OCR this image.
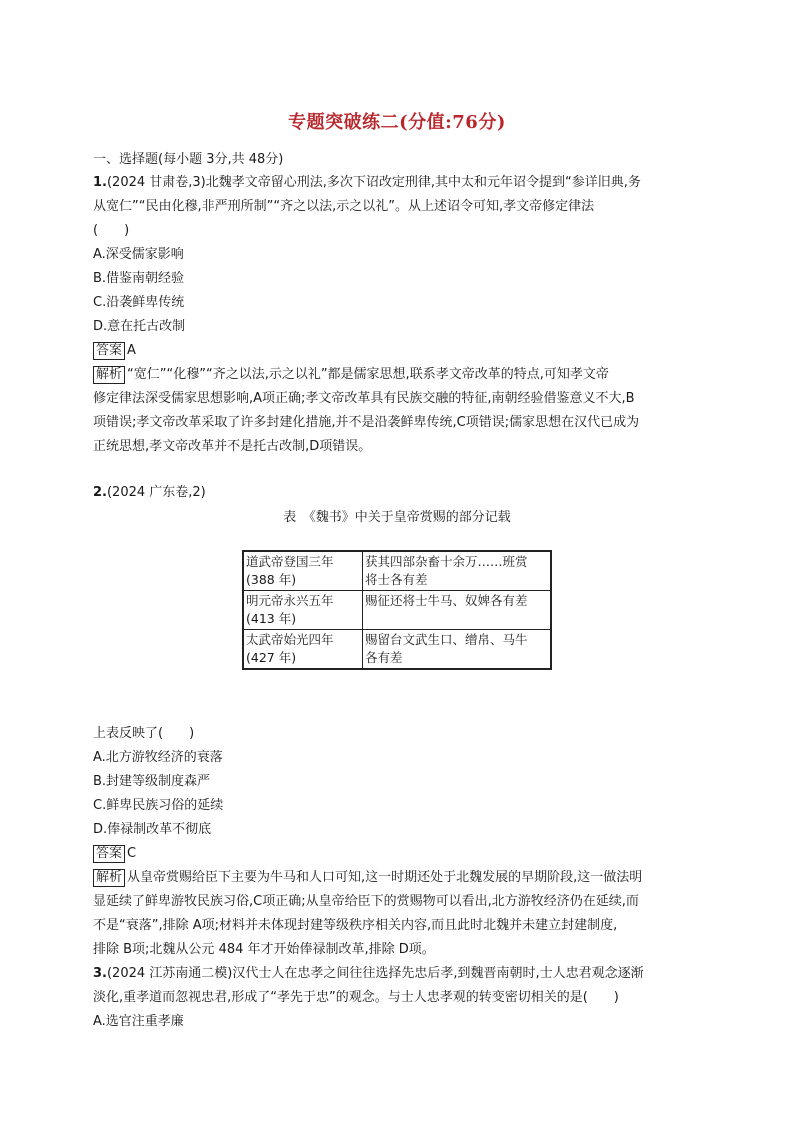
专题突破练二(分值:76分)
一、选择题(每小题 3分,共 48分)
1.(2024 甘肃卷,3)北魏孝文帝留心刑法,多次下诏改定刑律,其中太和元年诏令提到“参详旧典,务
从宽仁”“民由化穆,非严刑所制”“齐之以法,示之以礼”。从上述诏令可知,孝文帝修定律法
(　　)
A.深受儒家影响
B.借鉴南朝经验
C.沿袭鲜卑传统
D.意在托古改制
答案 A
解析 “宽仁”“化穆”“齐之以法,示之以礼”都是儒家思想,联系孝文帝改革的特点,可知孝文帝
修定律法深受儒家思想影响,A项正确;孝文帝改革具有民族交融的特征,南朝经验借鉴意义不大,B
项错误;孝文帝改革采取了许多封建化措施,并不是沿袭鲜卑传统,C项错误;儒家思想在汉代已成为
正统思想,孝文帝改革并不是托古改制,D项错误。
2.(2024 广东卷,2)
表　《魏书》中关于皇帝赏赐的部分记载
道武帝登国三年
(388 年)	获其四部杂畜十余万……班赏
将士各有差
明元帝永兴五年
(413 年)	赐征还将士牛马、奴婢各有差
太武帝始光四年
(427 年)	赐留台文武生口、缯帛、马牛
各有差
上表反映了(　　)
A.北方游牧经济的衰落
B.封建等级制度森严
C.鲜卑民族习俗的延续
D.俸禄制改革不彻底
答案 C
解析 从皇帝赏赐给臣下主要为牛马和人口可知,这一时期还处于北魏发展的早期阶段,这一做法明
显延续了鲜卑游牧民族习俗,C项正确;从皇帝给臣下的赏赐物可以看出,北方游牧经济仍在延续,而
不是“衰落”,排除 A项;材料并未体现封建等级秩序相关内容,而且此时北魏并未建立封建制度,
排除 B项;北魏从公元 484 年才开始俸禄制改革,排除 D项。
3.(2024 江苏南通二模)汉代士人在忠孝之间往往选择先忠后孝,到魏晋南朝时,士人忠君观念逐渐
淡化,重孝道而忽视忠君,形成了“孝先于忠”的观念。与士人忠孝观的转变密切相关的是(　　)
A.选官注重孝廉
